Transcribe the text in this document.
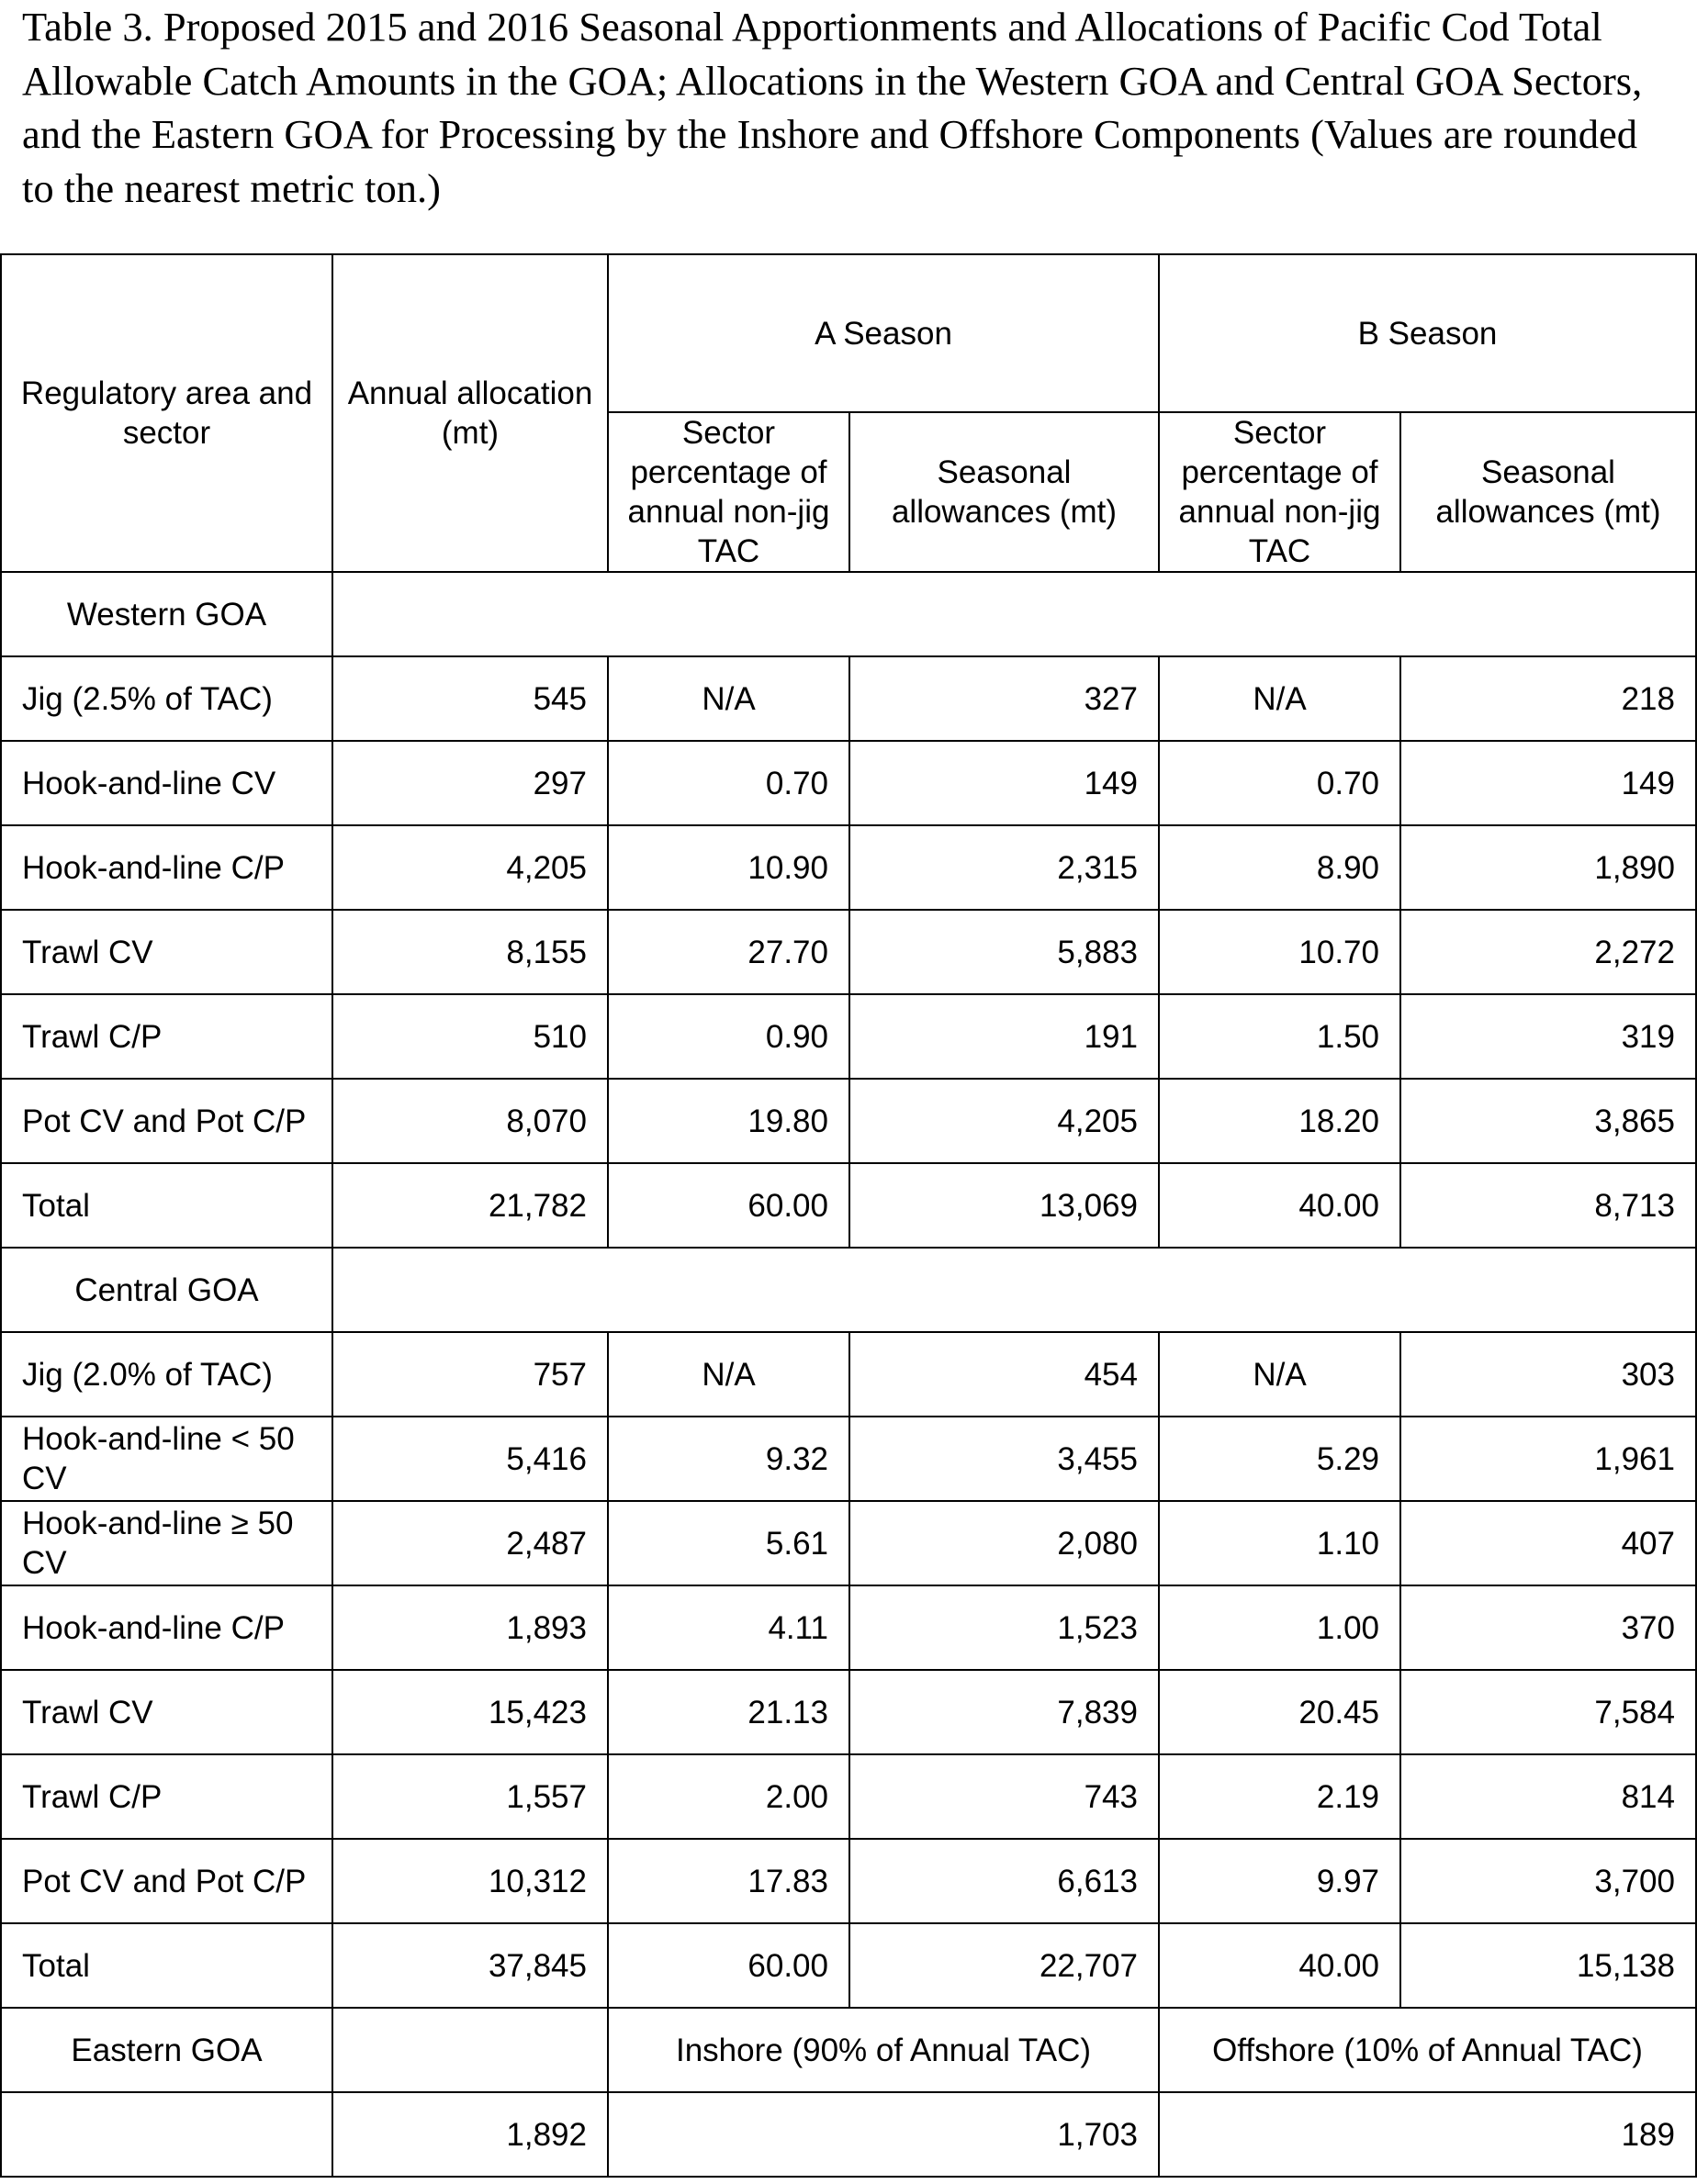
Table 3. Proposed 2015 and 2016 Seasonal Apportionments and Allocations of Pacific Cod Total Allowable Catch Amounts in the GOA; Allocations in the Western GOA and Central GOA Sectors, and the Eastern GOA for Processing by the Inshore and Offshore Components (Values are rounded to the nearest metric ton.)

Regulatory area and sector	Annual allocation (mt)	A Season		B Season	
		Sector percentage of annual non-jig TAC	Seasonal allowances (mt)	Sector percentage of annual non-jig TAC	Seasonal allowances (mt)
Western GOA					
Jig (2.5% of TAC)	545	N/A	327	N/A	218
Hook-and-line CV	297	0.70	149	0.70	149
Hook-and-line C/P	4,205	10.90	2,315	8.90	1,890
Trawl CV	8,155	27.70	5,883	10.70	2,272
Trawl C/P	510	0.90	191	1.50	319
Pot CV and Pot C/P	8,070	19.80	4,205	18.20	3,865
Total	21,782	60.00	13,069	40.00	8,713
Central GOA					
Jig (2.0% of TAC)	757	N/A	454	N/A	303
Hook-and-line < 50 CV	5,416	9.32	3,455	5.29	1,961
Hook-and-line ≥ 50 CV	2,487	5.61	2,080	1.10	407
Hook-and-line C/P	1,893	4.11	1,523	1.00	370
Trawl CV	15,423	21.13	7,839	20.45	7,584
Trawl C/P	1,557	2.00	743	2.19	814
Pot CV and Pot C/P	10,312	17.83	6,613	9.97	3,700
Total	37,845	60.00	22,707	40.00	15,138
Eastern GOA		Inshore (90% of Annual TAC)		Offshore (10% of Annual TAC)	
	1,892	1,703		189	
